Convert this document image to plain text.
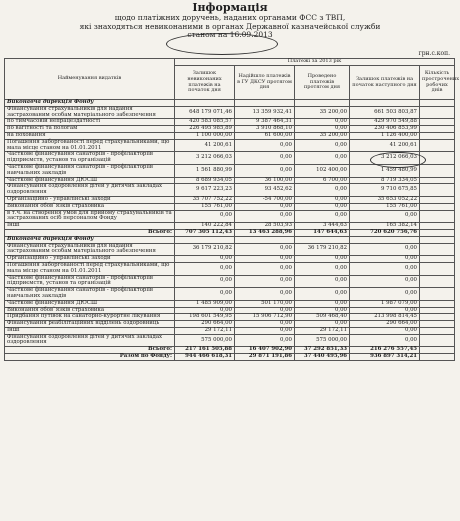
Інформація
щодо платіжних доручень, наданих органами ФСС з ТВП,
які знаходяться невиконаними в органах Державної казначейської служби
станом на 16.09.2013
грн.с.коп.
Найменування видатків	Платежі за 2013 рік				
	Залишок невиконаних платежів на початок дня	Надійшло платежів в ГУ ДКСУ протягом дня	Проведено платежів протягом дня	Залишок платежів на початок наступного дня	Кількість прострочених робочих днів
Виконавча дирекція Фонду					
Фінансування страхувальників для надання застрахованим особам матеріального забезпечення	648 179 071,46	13 359 932,41	35 200,00	661 503 803,87	
по тимчасовій непрацездатності	420 583 085,57	9 387 464,31	0,00	429 970 549,88	
по вагітності та пологам	226 495 985,89	3 910 868,10	0,00	230 406 853,99	
на поховання	1 100 000,00	61 600,00	35 200,00	1 126 400,00	
Погашення заборгованості перед страхувальниками, що мала місце станом на 01.01.2011	41 200,61	0,00	0,00	41 200,61	
Часткове фінансування санаторіїв - профілакторіїв підприємств, установ та організацій	3 212 066,03	0,00	0,00	3 212 066,03	
Часткове фінансування санаторіїв - профілакторіїв навчальних закладів	1 561 880,99	0,00	102 400,00	1 459 480,99	
Часткове фінансування ДЮСШ	8 689 934,05	36 100,00	6 700,00	8 719 334,05	
Фінансування оздоровлення дітей у дитячих закладах оздоровлення	9 617 223,23	93 452,62	0,00	9 710 675,85	
Організаційно - управлінські заходи	35 707 752,22	-54 700,00	0,00	35 653 052,22	
Виконання обов`язків страховика	155 761,00	0,00	0,00	155 761,00	
в т.ч. на створення умов для прийому страхувальників та застрахованих осіб персоналом Фонду	0,00	0,00	0,00	0,00	
Інші	140 222,84	28 503,93	3 444,63	165 382,14	
Всього:	707 305 112,43	13 463 288,96	147 644,63	720 620 756,76	
Виконавча дирекція Фонду					
Фінансування страхувальників для надання застрахованим особам матеріального забезпечення	36 179 210,82	0,00	36 179 210,82	0,00	
Організаційно - управлінські заходи	0,00	0,00	0,00	0,00	
Погашення заборгованості перед страхувальниками, що мала місце станом на 01.01.2011	0,00	0,00	0,00	0,00	
Часткове фінансування санаторіїв - профілакторіїв підприємств, установ та організацій	0,00	0,00	0,00	0,00	
Часткове фінансування санаторіїв - профілакторіїв навчальних закладів	0,00	0,00	0,00	0,00	
Часткове фінансування ДЮСШ	1 485 909,00	501 170,00	0,00	1 987 079,00	
Виконання обов`язків страховика	0,00	0,00	0,00	0,00	
Придбання путівок на санаторно-курортне лікування	198 601 549,95	15 906 712,90	509 468,40	213 998 814,45	
Фінансування реабілітаційних відділень оздоровниць	290 664,00	0,00	0,00	290 664,00	
Інші	29 172,11	0,00	29 172,11	0,00	
Фінансування оздоровлення дітей у дитячих закладах оздоровлення	575 000,00	0,00	575 000,00	0,00	
Всього:	217 161 505,88	16 407 902,90	37 292 851,33	216 276 557,45	
Разом по Фонду:	944 466 618,31	29 871 191,86	37 440 495,96	936 897 314,21	
